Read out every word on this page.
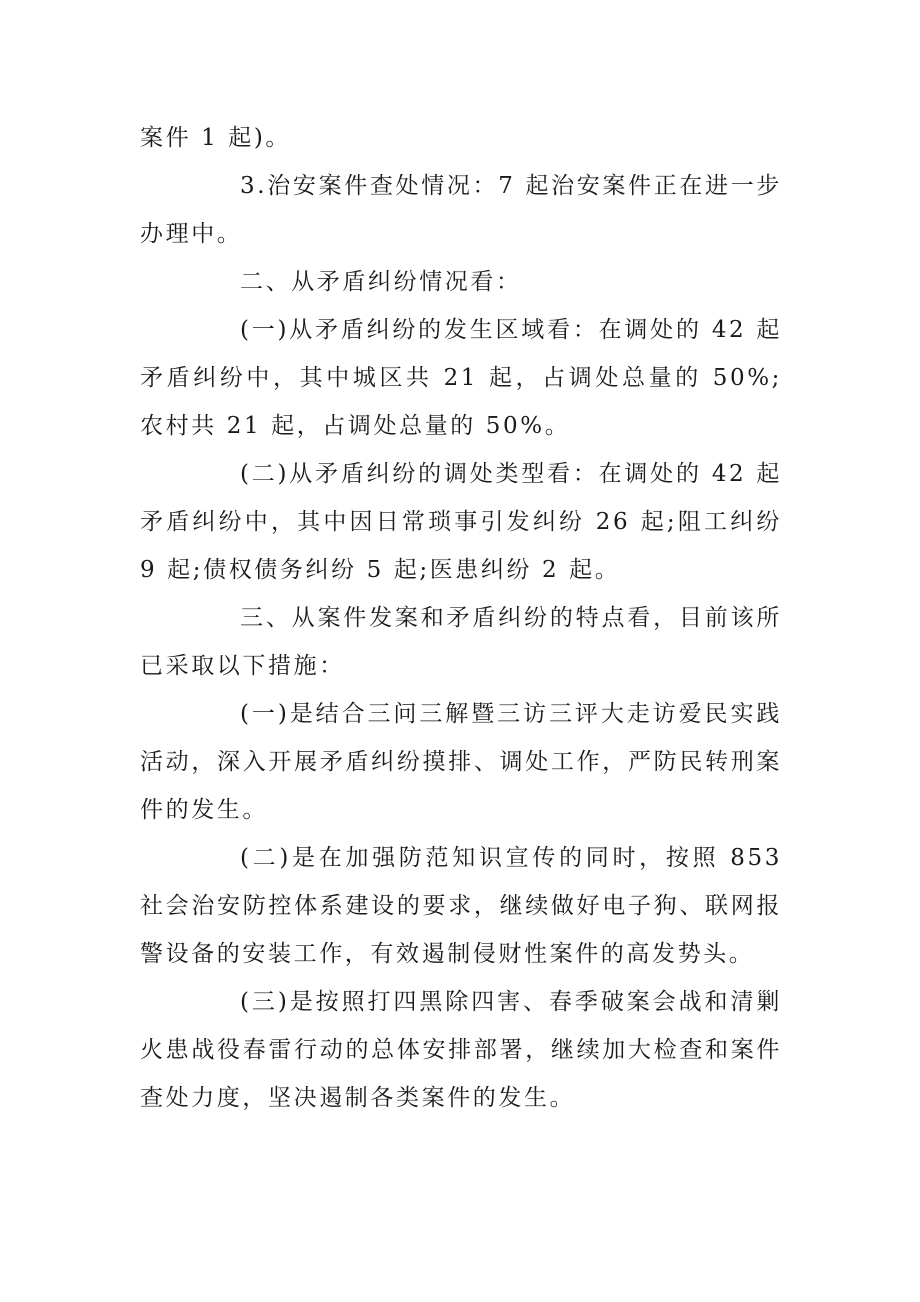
案件 1 起)。

3.治安案件查处情况：7 起治安案件正在进一步办理中。

二、从矛盾纠纷情况看：

(一)从矛盾纠纷的发生区域看：在调处的 42 起矛盾纠纷中，其中城区共 21 起，占调处总量的 50%;农村共 21 起，占调处总量的 50%。

(二)从矛盾纠纷的调处类型看：在调处的 42 起矛盾纠纷中，其中因日常琐事引发纠纷 26 起;阻工纠纷 9 起;债权债务纠纷 5 起;医患纠纷 2 起。

三、从案件发案和矛盾纠纷的特点看，目前该所已采取以下措施：

(一)是结合三问三解暨三访三评大走访爱民实践活动，深入开展矛盾纠纷摸排、调处工作，严防民转刑案件的发生。

(二)是在加强防范知识宣传的同时，按照 853 社会治安防控体系建设的要求，继续做好电子狗、联网报警设备的安装工作，有效遏制侵财性案件的高发势头。

(三)是按照打四黑除四害、春季破案会战和清剿火患战役春雷行动的总体安排部署，继续加大检查和案件查处力度，坚决遏制各类案件的发生。
